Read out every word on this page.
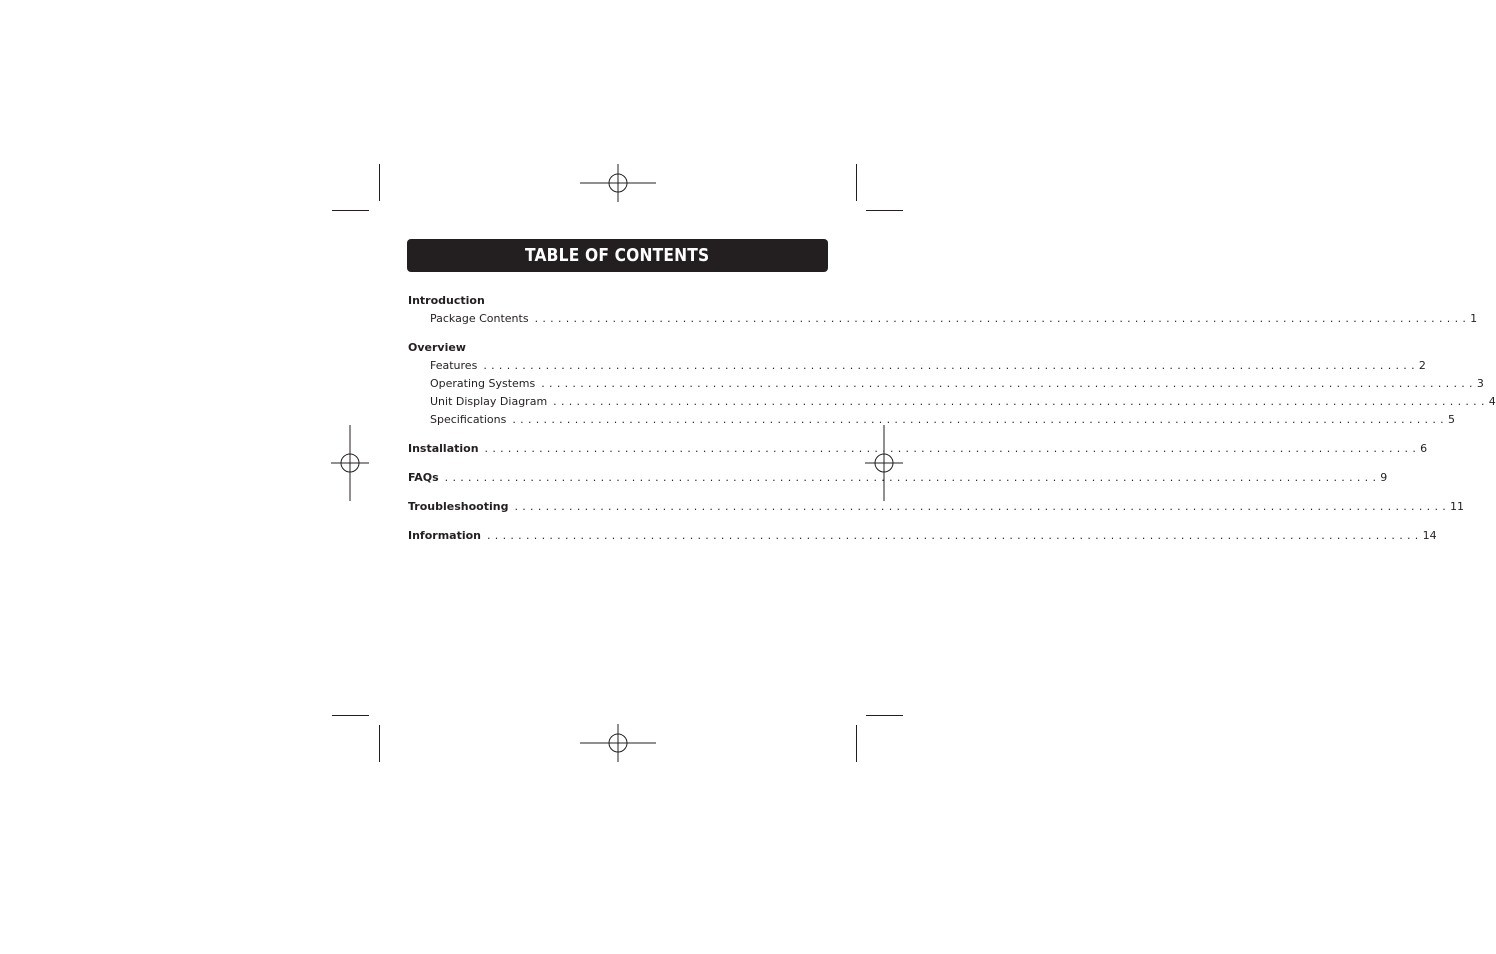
TABLE OF CONTENTS
Introduction
Package Contents ........................................................................................................................ 1
Overview
Features ........................................................................................................................ 2
Operating Systems ........................................................................................................................ 3
Unit Display Diagram ........................................................................................................................ 4
Specifications ........................................................................................................................ 5
Installation ........................................................................................................................ 6
FAQs ........................................................................................................................ 9
Troubleshooting ........................................................................................................................ 11
Information ........................................................................................................................ 14
